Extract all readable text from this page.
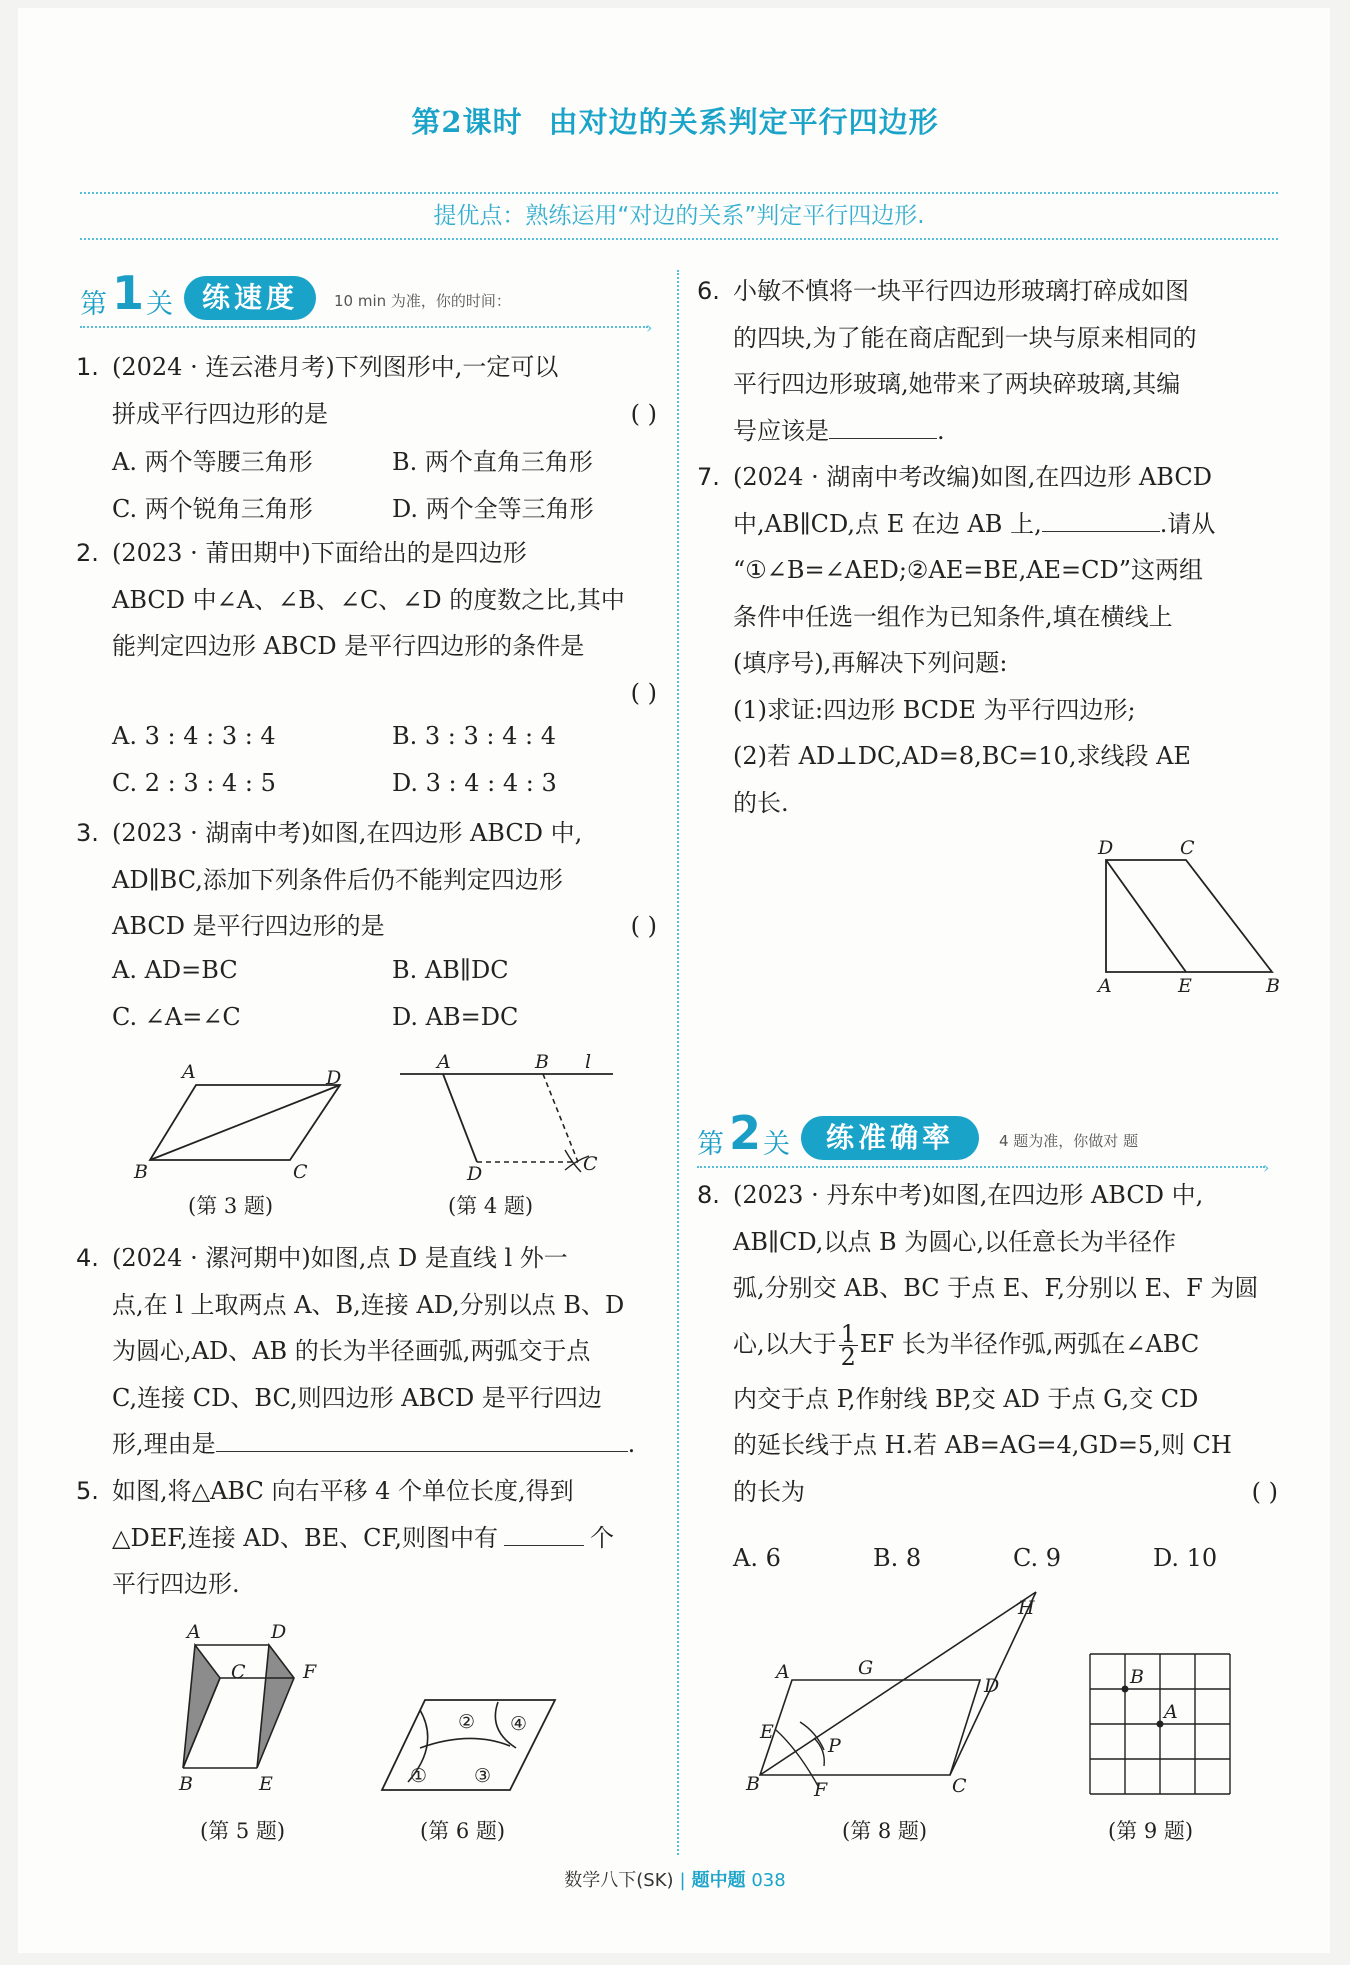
第2课时 由对边的关系判定平行四边形
提优点：熟练运用“对边的关系”判定平行四边形.
第 1 关	练速度	10 min 为准，你的时间：
›
1. (2024 · 连云港月考)下列图形中,一定可以
拼成平行四边形的是	( )
A. 两个等腰三角形	B. 两个直角三角形
C. 两个锐角三角形	D. 两个全等三角形
2. (2023 · 莆田期中)下面给出的是四边形
ABCD 中∠A、∠B、∠C、∠D 的度数之比,其中
能判定四边形 ABCD 是平行四边形的条件是
( )
A. 3 : 4 : 3 : 4	B. 3 : 3 : 4 : 4
C. 2 : 3 : 4 : 5	D. 3 : 4 : 4 : 3
3. (2023 · 湖南中考)如图,在四边形 ABCD 中,
AD∥BC,添加下列条件后仍不能判定四边形
ABCD 是平行四边形的是	( )
A. AD=BC	B. AB∥DC
C. ∠A=∠C	D. AB=DC
A
B	C
D
(第 3 题)
A	B l
D	C
(第 4 题)
4. (2024 · 漯河期中)如图,点 D 是直线 l 外一
点,在 l 上取两点 A、B,连接 AD,分别以点 B、D
为圆心,AD、AB 的长为半径画弧,两弧交于点
C,连接 CD、BC,则四边形 ABCD 是平行四边
形,理由是	.
5. 如图,将△ABC 向右平移 4 个单位长度,得到
△DEF,连接 AD、BE、CF,则图中有	个
平行四边形.
A	D
C	F
B	E
(第 5 题)
② ④
① ③
(第 6 题)
6. 小敏不慎将一块平行四边形玻璃打碎成如图
的四块,为了能在商店配到一块与原来相同的
平行四边形玻璃,她带来了两块碎玻璃,其编
号应该是	.
7. (2024 · 湖南中考改编)如图,在四边形 ABCD
中,AB∥CD,点 E 在边 AB 上,	.请从
“①∠B=∠AED;②AE=BE,AE=CD”这两组
条件中任选一组作为已知条件,填在横线上
(填序号),再解决下列问题:
(1)求证:四边形 BCDE 为平行四边形;
(2)若 AD⊥DC,AD=8,BC=10,求线段 AE
的长.
D	C
A	E	B
第 2 关	练准确率	4 题为准，你做对 题
›
8. (2023 · 丹东中考)如图,在四边形 ABCD 中,
AB∥CD,以点 B 为圆心,以任意长为半径作
弧,分别交 AB、BC 于点 E、F,分别以 E、F 为圆
心,以大于 $\frac{1}{2}$ EF 长为半径作弧,两弧在∠ABC
内交于点 P,作射线 BP,交 AD 于点 G,交 CD
的延长线于点 H.若 AB=AG=4,GD=5,则 CH
的长为	( )
A. 6	B. 8	C. 9	D. 10
A	G
D
H
E
P
B	F	C
(第 8 题)
B
A
(第 9 题)
数学八下(SK) | 题中题 038
